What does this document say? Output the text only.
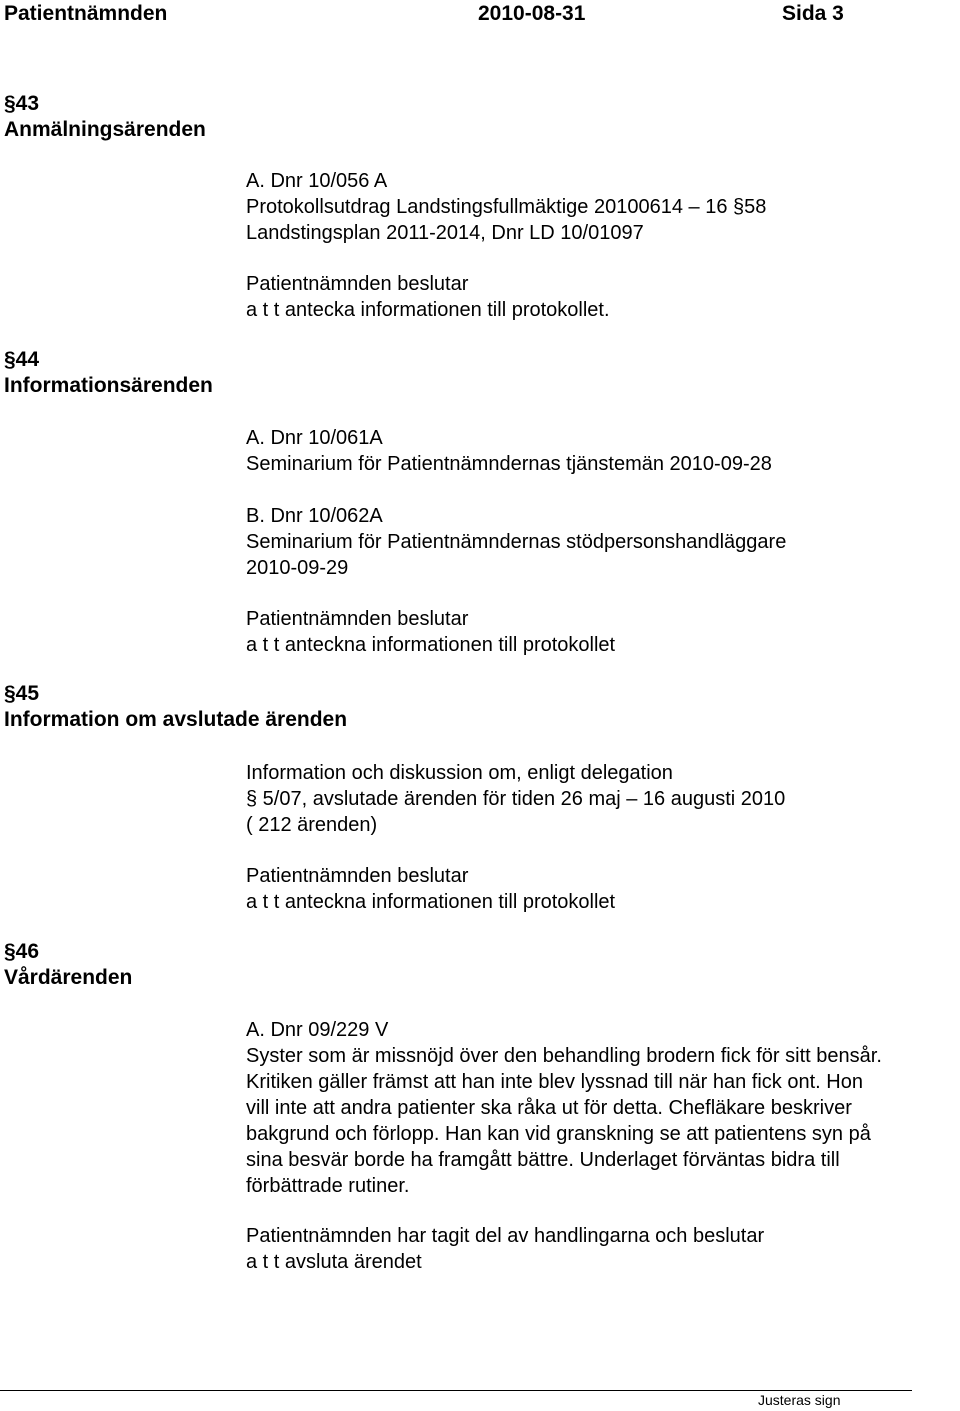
Patientnämnden	2010-08-31	Sida 3
§43
Anmälningsärenden
§44
Informationsärenden
§45
Information om avslutade ärenden
§46
Vårdärenden
A. Dnr 10/056 A
Protokollsutdrag Landstingsfullmäktige 20100614 – 16 §58
Landstingsplan 2011-2014, Dnr LD 10/01097
Patientnämnden beslutar
a t t antecka informationen till protokollet.
A. Dnr 10/061A
Seminarium för Patientnämndernas tjänstemän 2010-09-28
B. Dnr 10/062A
Seminarium för Patientnämndernas stödpersonshandläggare
2010-09-29
Patientnämnden beslutar
a t t anteckna informationen till protokollet
Information och diskussion om, enligt delegation
§ 5/07, avslutade ärenden för tiden 26 maj – 16 augusti 2010
( 212 ärenden)
Patientnämnden beslutar
a t t anteckna informationen till protokollet
A. Dnr 09/229 V
Syster som är missnöjd över den behandling brodern fick för sitt bensår.
Kritiken gäller främst att han inte blev lyssnad till när han fick ont. Hon
vill inte att andra patienter ska råka ut för detta. Chefläkare beskriver
bakgrund och förlopp. Han kan vid granskning se att patientens syn på
sina besvär borde ha framgått bättre. Underlaget förväntas bidra till
förbättrade rutiner.
Patientnämnden har tagit del av handlingarna och beslutar
a t t avsluta ärendet
Justeras sign
